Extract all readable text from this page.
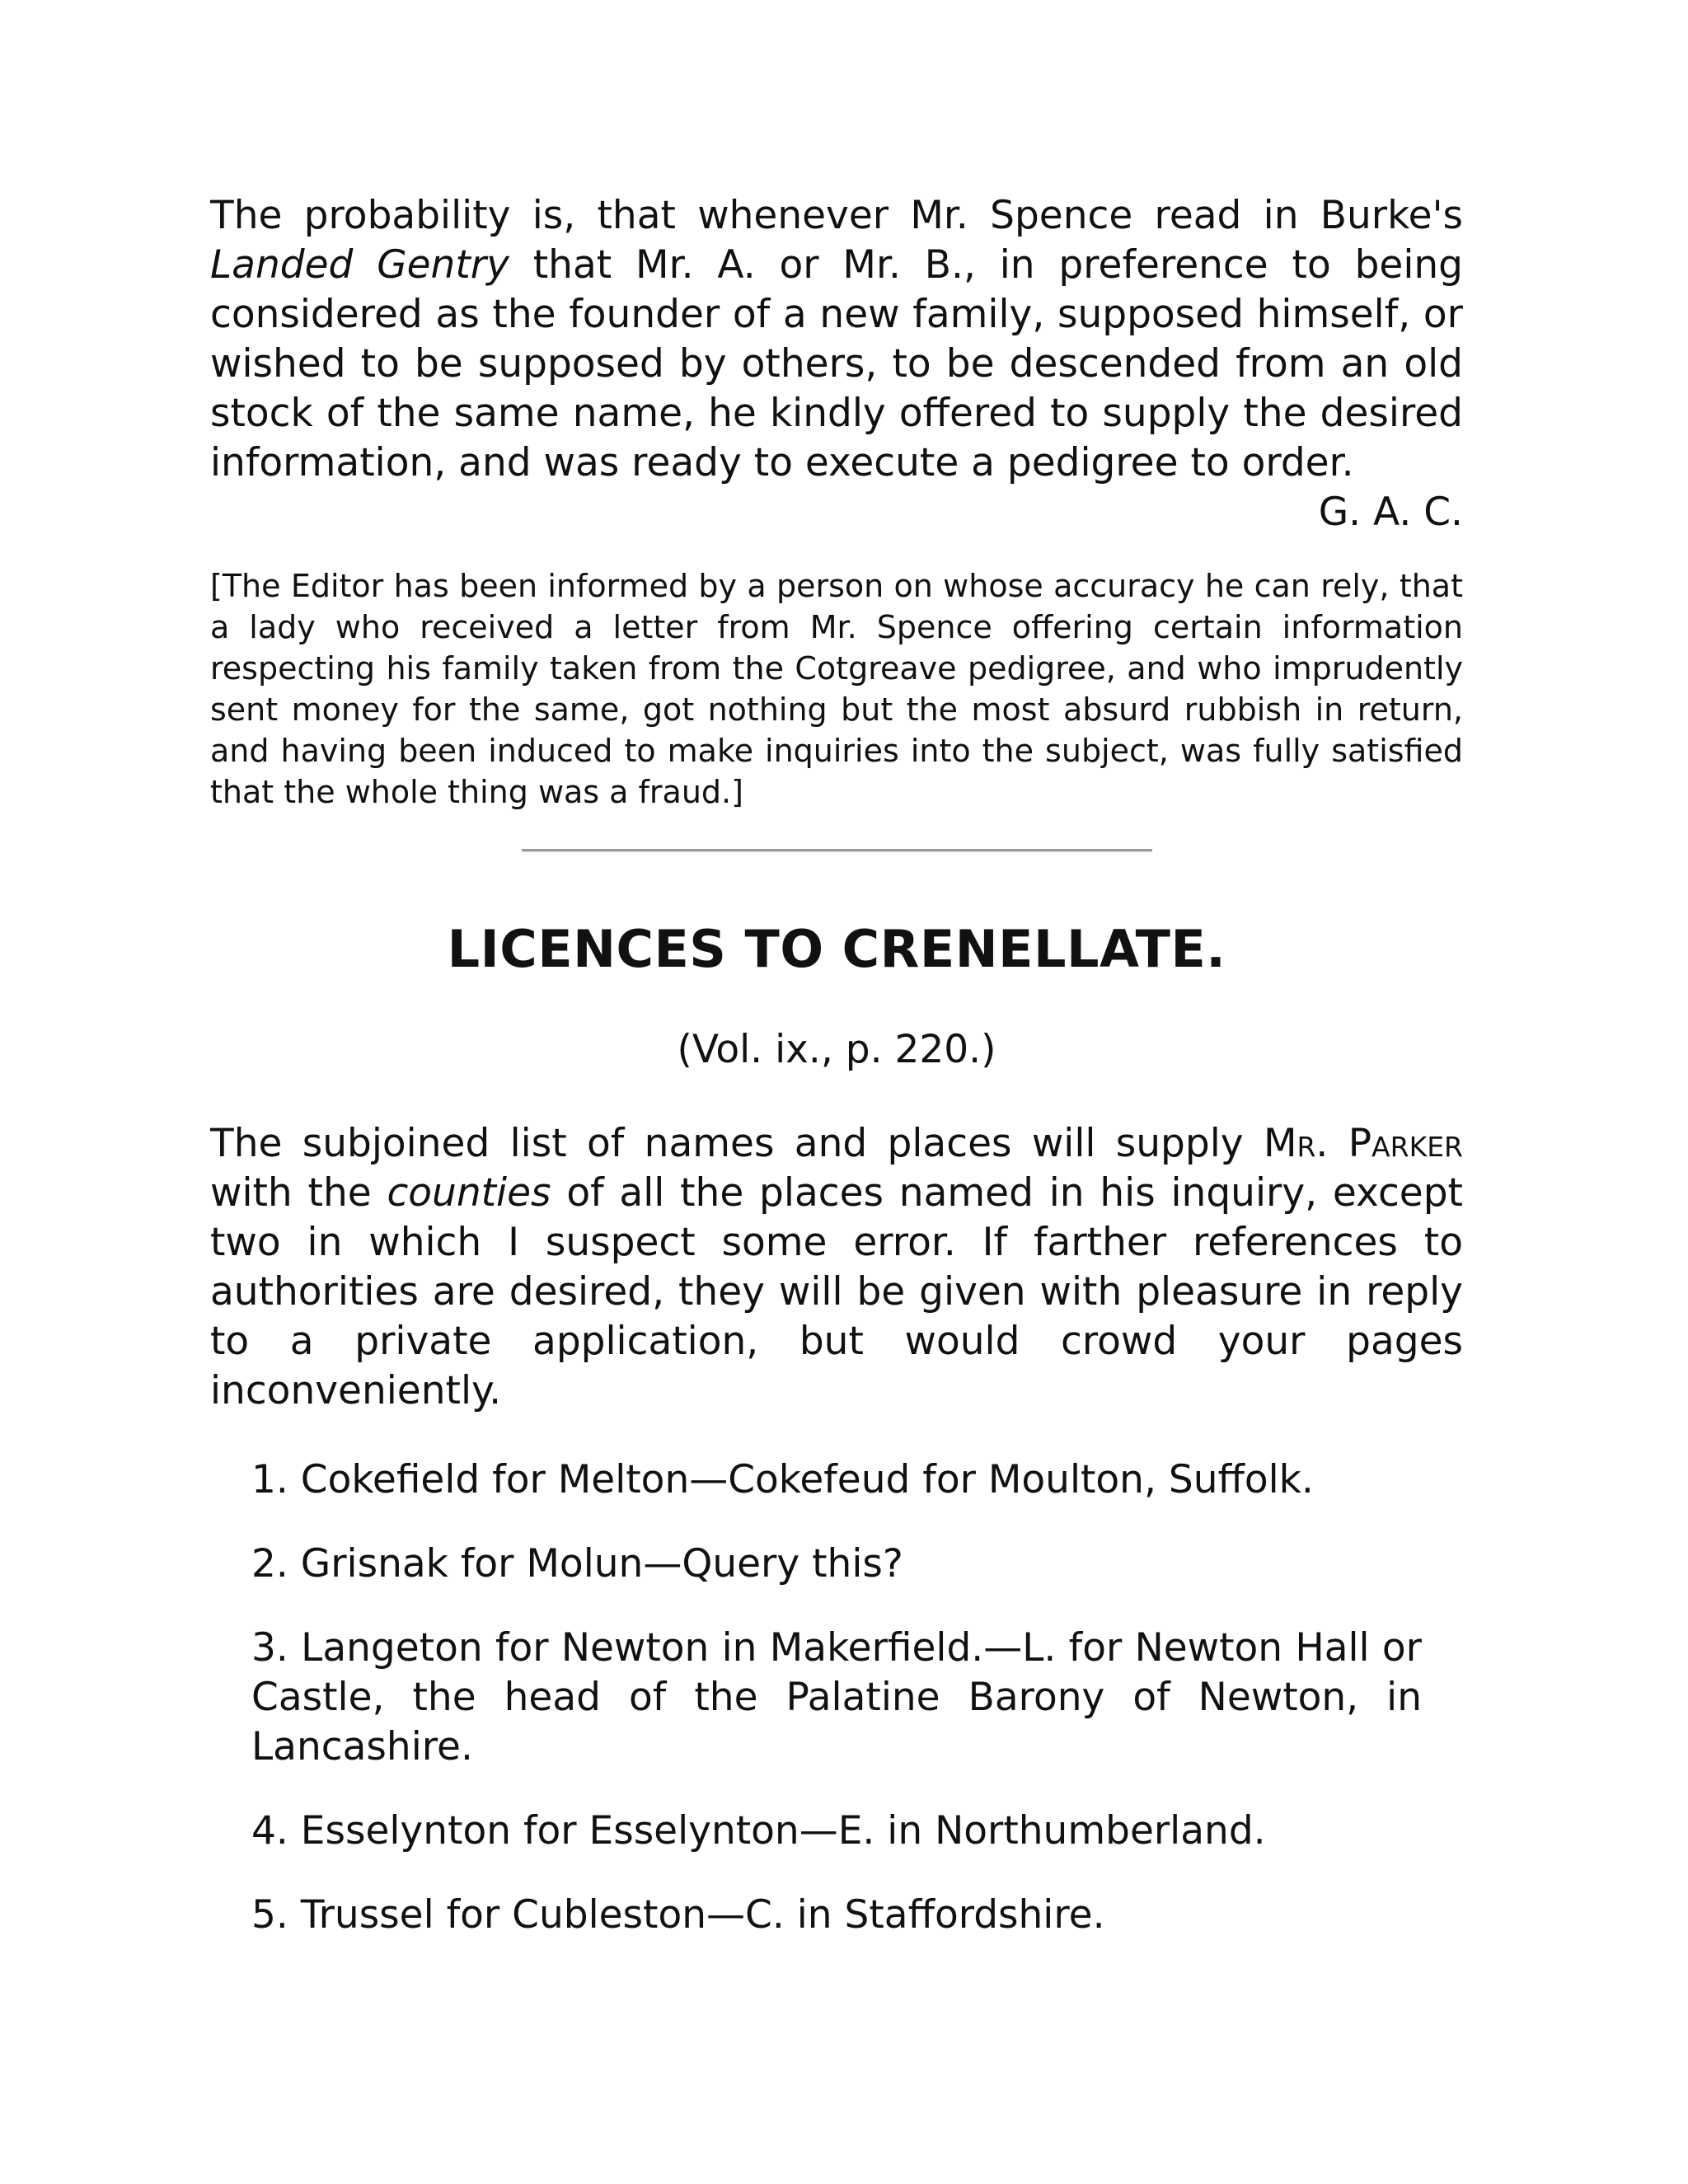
The probability is, that whenever Mr. Spence read in Burke's Landed Gentry that Mr. A. or Mr. B., in preference to being considered as the founder of a new family, supposed himself, or wished to be supposed by others, to be descended from an old stock of the same name, he kindly offered to supply the desired information, and was ready to execute a pedigree to order.

G. A. C.

[The Editor has been informed by a person on whose accuracy he can rely, that a lady who received a letter from Mr. Spence offering certain information respecting his family taken from the Cotgreave pedigree, and who imprudently sent money for the same, got nothing but the most absurd rubbish in return, and having been induced to make inquiries into the subject, was fully satisfied that the whole thing was a fraud.]

LICENCES TO CRENELLATE.

(Vol. ix., p. 220.)

The subjoined list of names and places will supply Mr. Parker with the counties of all the places named in his inquiry, except two in which I suspect some error. If farther references to authorities are desired, they will be given with pleasure in reply to a private application, but would crowd your pages inconveniently.

1. Cokefield for Melton—Cokefeud for Moulton, Suffolk.
2. Grisnak for Molun—Query this?
3. Langeton for Newton in Makerfield.—L. for Newton Hall or Castle, the head of the Palatine Barony of Newton, in Lancashire.
4. Esselynton for Esselynton—E. in Northumberland.
5. Trussel for Cubleston—C. in Staffordshire.
